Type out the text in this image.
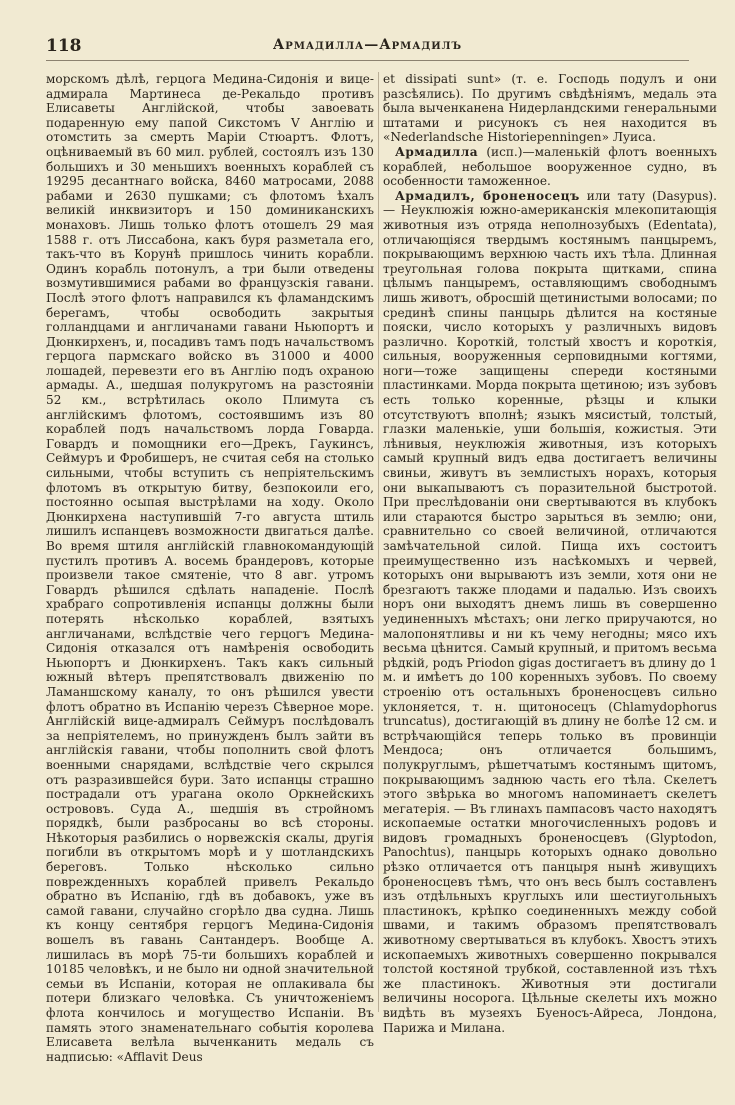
118	Армадилла—Армадилъ

морскомъ дѣлѣ, герцога Медина-Сидонія и вице-адмирала Мартинеса де-Рекальдо противъ Елисаветы Англійской, чтобы завоевать подаренную ему папой Сикстомъ V Англію и отомстить за смерть Маріи Стюартъ. Флотъ, оцѣниваемый въ 60 мил. рублей, состоялъ изъ 130 большихъ и 30 меньшихъ военныхъ кораблей съ 19295 десантнаго войска, 8460 матросами, 2088 рабами и 2630 пушками; съ флотомъ ѣхалъ великій инквизиторъ и 150 доминиканскихъ монаховъ. Лишь только флотъ отошелъ 29 мая 1588 г. отъ Лиссабона, какъ буря разметала его, такъ-что въ Корунѣ пришлось чинить корабли. Одинъ корабль потонулъ, а три были отведены возмутившимися рабами во французскія гавани. Послѣ этого флотъ направился къ фламандскимъ берегамъ, чтобы освободить закрытыя голландцами и англичанами гавани Ньюпортъ и Дюнкирхенъ, и, посадивъ тамъ подъ начальствомъ герцога пармскаго войско въ 31000 и 4000 лошадей, перевезти его въ Англію подъ охраною армады. А., шедшая полукругомъ на разстояніи 52 км., встрѣтилась около Плимута съ англійскимъ флотомъ, состоявшимъ изъ 80 кораблей подъ начальствомъ лорда Говарда. Говардъ и помощники его—Дрекъ, Гаукинсъ, Сеймуръ и Фробишеръ, не считая себя на столько сильными, чтобы вступить съ непріятельскимъ флотомъ въ открытую битву, безпокоили его, постоянно осыпая выстрѣлами на ходу. Около Дюнкирхена наступившій 7-го августа штиль лишилъ испанцевъ возможности двигаться далѣе. Во время штиля англійскій главнокомандующій пустилъ противъ А. восемь брандеровъ, которые произвели такое смятеніе, что 8 авг. утромъ Говардъ рѣшился сдѣлать нападеніе. Послѣ храбраго сопротивленія испанцы должны были потерять нѣсколько кораблей, взятыхъ англичанами, вслѣдствіе чего герцогъ Медина-Сидонія отказался отъ намѣренія освободить Ньюпортъ и Дюнкирхенъ. Такъ какъ сильный южный вѣтеръ препятствовалъ движенію по Ламаншскому каналу, то онъ рѣшился увести флотъ обратно въ Испанію черезъ Сѣверное море. Англійскій вице-адмиралъ Сеймуръ послѣдовалъ за непріятелемъ, но принужденъ былъ зайти въ англійскія гавани, чтобы пополнить свой флотъ военными снарядами, вслѣдствіе чего скрылся отъ разразившейся бури. Зато испанцы страшно пострадали отъ урагана около Оркнейскихъ острововъ. Суда А., шедшія въ стройномъ порядкѣ, были разбросаны во всѣ стороны. Нѣкоторыя разбились о норвежскія скалы, другія погибли въ открытомъ морѣ и у шотландскихъ береговъ. Только нѣсколько сильно поврежденныхъ кораблей привелъ Рекальдо обратно въ Испанію, гдѣ въ добавокъ, уже въ самой гавани, случайно сгорѣло два судна. Лишь къ концу сентября герцогъ Медина-Сидонія вошелъ въ гавань Сантандеръ. Вообще А. лишилась въ морѣ 75-ти большихъ кораблей и 10185 человѣкъ, и не было ни одной значительной семьи въ Испаніи, которая не оплакивала бы потери близкаго человѣка. Съ уничтоженіемъ флота кончилось и могущество Испаніи. Въ память этого знаменательнаго событія королева Елисавета велѣла выченканить медаль съ надписью: «Afflavit Deus

et dissipati sunt» (т. е. Господь подулъ и они разсѣялись). По другимъ свѣдѣніямъ, медаль эта была выченканена Нидерландскими генеральными штатами и рисунокъ съ нея находится въ «Nederlandsche Historiepenningen» Луиса.

Армадилла (исп.)—маленькій флотъ военныхъ кораблей, небольшое вооруженное судно, въ особенности таможенное.

Армадилъ, броненосецъ или тату (Dasypus). — Неуклюжія южно-американскія млекопитающія животныя изъ отряда неполнозубыхъ (Edentata), отличающіяся твердымъ костянымъ панцыремъ, покрывающимъ верхнюю часть ихъ тѣла. Длинная треугольная голова покрыта щитками, спина цѣлымъ панцыремъ, оставляющимъ свободнымъ лишь животъ, обросшій щетинистыми волосами; по срединѣ спины панцырь дѣлится на костяные пояски, число которыхъ у различныхъ видовъ различно. Короткій, толстый хвостъ и короткія, сильныя, вооруженныя серповидными когтями, ноги—тоже защищены спереди костяными пластинками. Морда покрыта щетиною; изъ зубовъ есть только коренные, рѣзцы и клыки отсутствуютъ вполнѣ; языкъ мясистый, толстый, глазки маленькіе, уши большія, кожистыя. Эти лѣнивыя, неуклюжія животныя, изъ которыхъ самый крупный видъ едва достигаетъ величины свиньи, живутъ въ землистыхъ норахъ, которыя они выкапываютъ съ поразительной быстротой. При преслѣдованіи они свертываются въ клубокъ или стараются быстро зарыться въ землю; они, сравнительно со своей величиной, отличаются замѣчательной силой. Пища ихъ состоитъ преимущественно изъ насѣкомыхъ и червей, которыхъ они вырываютъ изъ земли, хотя они не брезгаютъ также плодами и падалью. Изъ своихъ норъ они выходятъ днемъ лишь въ совершенно уединенныхъ мѣстахъ; они легко приручаются, но малопонятливы и ни къ чему негодны; мясо ихъ весьма цѣнится. Самый крупный, и притомъ весьма рѣдкій, родъ Priodon gigas достигаетъ въ длину до 1 м. и имѣетъ до 100 коренныхъ зубовъ. По своему строенію отъ остальныхъ броненосцевъ сильно уклоняется, т. н. щитоносецъ (Chlamydophorus truncatus), достигающій въ длину не болѣе 12 см. и встрѣчающійся теперь только въ провинціи Мендоса; онъ отличается большимъ, полукруглымъ, рѣшетчатымъ костянымъ щитомъ, покрывающимъ заднюю часть его тѣла. Скелетъ этого звѣрька во многомъ напоминаетъ скелетъ мегатерія. — Въ глинахъ пампасовъ часто находятъ ископаемые остатки многочисленныхъ родовъ и видовъ громадныхъ броненосцевъ (Glyptodon, Panochtus), панцырь которыхъ однако довольно рѣзко отличается отъ панцыря нынѣ живущихъ броненосцевъ тѣмъ, что онъ весь былъ составленъ изъ отдѣльныхъ круглыхъ или шестиугольныхъ пластинокъ, крѣпко соединенныхъ между собой швами, и такимъ образомъ препятствовалъ животному свертываться въ клубокъ. Хвостъ этихъ ископаемыхъ животныхъ совершенно покрывался толстой костяной трубкой, составленной изъ тѣхъ же пластинокъ. Животныя эти достигали величины носорога. Цѣльные скелеты ихъ можно видѣть въ музеяхъ Буеносъ-Айреса, Лондона, Парижа и Милана.
